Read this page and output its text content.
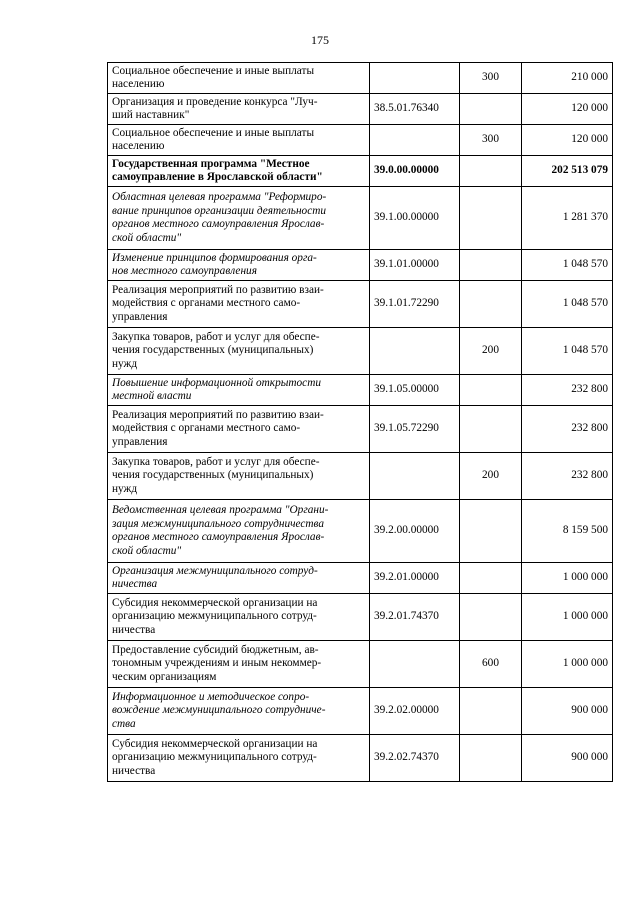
175
Социальное обеспечение и иные выплаты
населению		300	210 000

Организация и проведение конкурса "Луч-
ший наставник"	38.5.01.76340		120 000

Социальное обеспечение и иные выплаты
населению		300	120 000

Государственная программа "Местное
самоуправление в Ярославской области"	39.0.00.00000		202 513 079

Областная целевая программа "Реформиро-
вание принципов организации деятельности
органов местного самоуправления Ярослав-
ской области"	39.1.00.00000		1 281 370

Изменение принципов формирования орга-
нов местного самоуправления	39.1.01.00000		1 048 570

Реализация мероприятий по развитию взаи-
модействия с органами местного само-
управления	39.1.01.72290		1 048 570

Закупка товаров, работ и услуг для обеспе-
чения государственных (муниципальных)
нужд		200	1 048 570

Повышение информационной открытости
местной власти	39.1.05.00000		232 800

Реализация мероприятий по развитию взаи-
модействия с органами местного само-
управления	39.1.05.72290		232 800

Закупка товаров, работ и услуг для обеспе-
чения государственных (муниципальных)
нужд		200	232 800

Ведомственная целевая программа "Органи-
зация межмуниципального сотрудничества
органов местного самоуправления Ярослав-
ской области"	39.2.00.00000		8 159 500

Организация межмуниципального сотруд-
ничества	39.2.01.00000		1 000 000

Субсидия некоммерческой организации на
организацию межмуниципального сотруд-
ничества	39.2.01.74370		1 000 000

Предоставление субсидий бюджетным, ав-
тономным учреждениям и иным некоммер-
ческим организациям		600	1 000 000

Информационное и методическое сопро-
вождение межмуниципального сотрудниче-
ства	39.2.02.00000		900 000

Субсидия некоммерческой организации на
организацию межмуниципального сотруд-
ничества	39.2.02.74370		900 000
